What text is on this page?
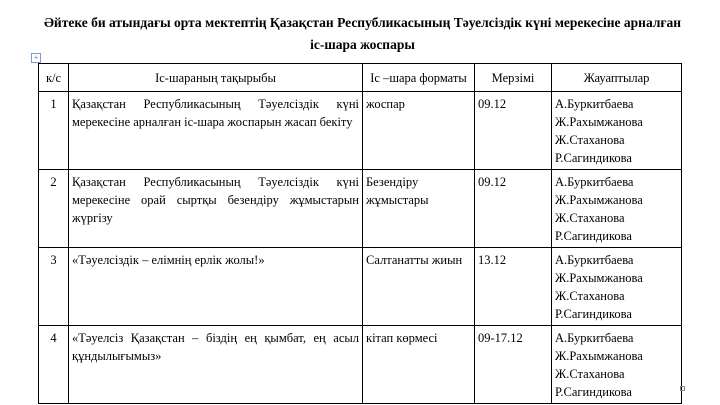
Әйтеке би атындағы орта мектептің Қазақстан Республикасының Тәуелсіздік күні мерекесіне арналған
іс-шара жоспары
+
к/с	Іс-шараның тақырыбы	Іс –шара форматы	Мерзімі	Жауаптылар
1	Қазақстан Республикасының Тәуелсіздік күні мерекесіне арналған іс-шара жоспарын жасап бекіту	жоспар	09.12	А.Буркитбаева
Ж.Рахымжанова
Ж.Стаханова
Р.Сагиндикова

2	Қазақстан Республикасының Тәуелсіздік күні мерекесіне орай сыртқы безендіру жұмыстарын жүргізу	Безендіру жұмыстары	09.12	А.Буркитбаева
Ж.Рахымжанова
Ж.Стаханова
Р.Сагиндикова

3	«Тәуелсіздік – елімнің ерлік жолы!»	Салтанатты жиын	13.12	А.Буркитбаева
Ж.Рахымжанова
Ж.Стаханова
Р.Сагиндикова

4	«Тәуелсіз Қазақстан – біздің ең қымбат, ең асыл құндылығымыз»	кітап көрмесі	09-17.12	А.Буркитбаева
Ж.Рахымжанова
Ж.Стаханова
Р.Сагиндикова
